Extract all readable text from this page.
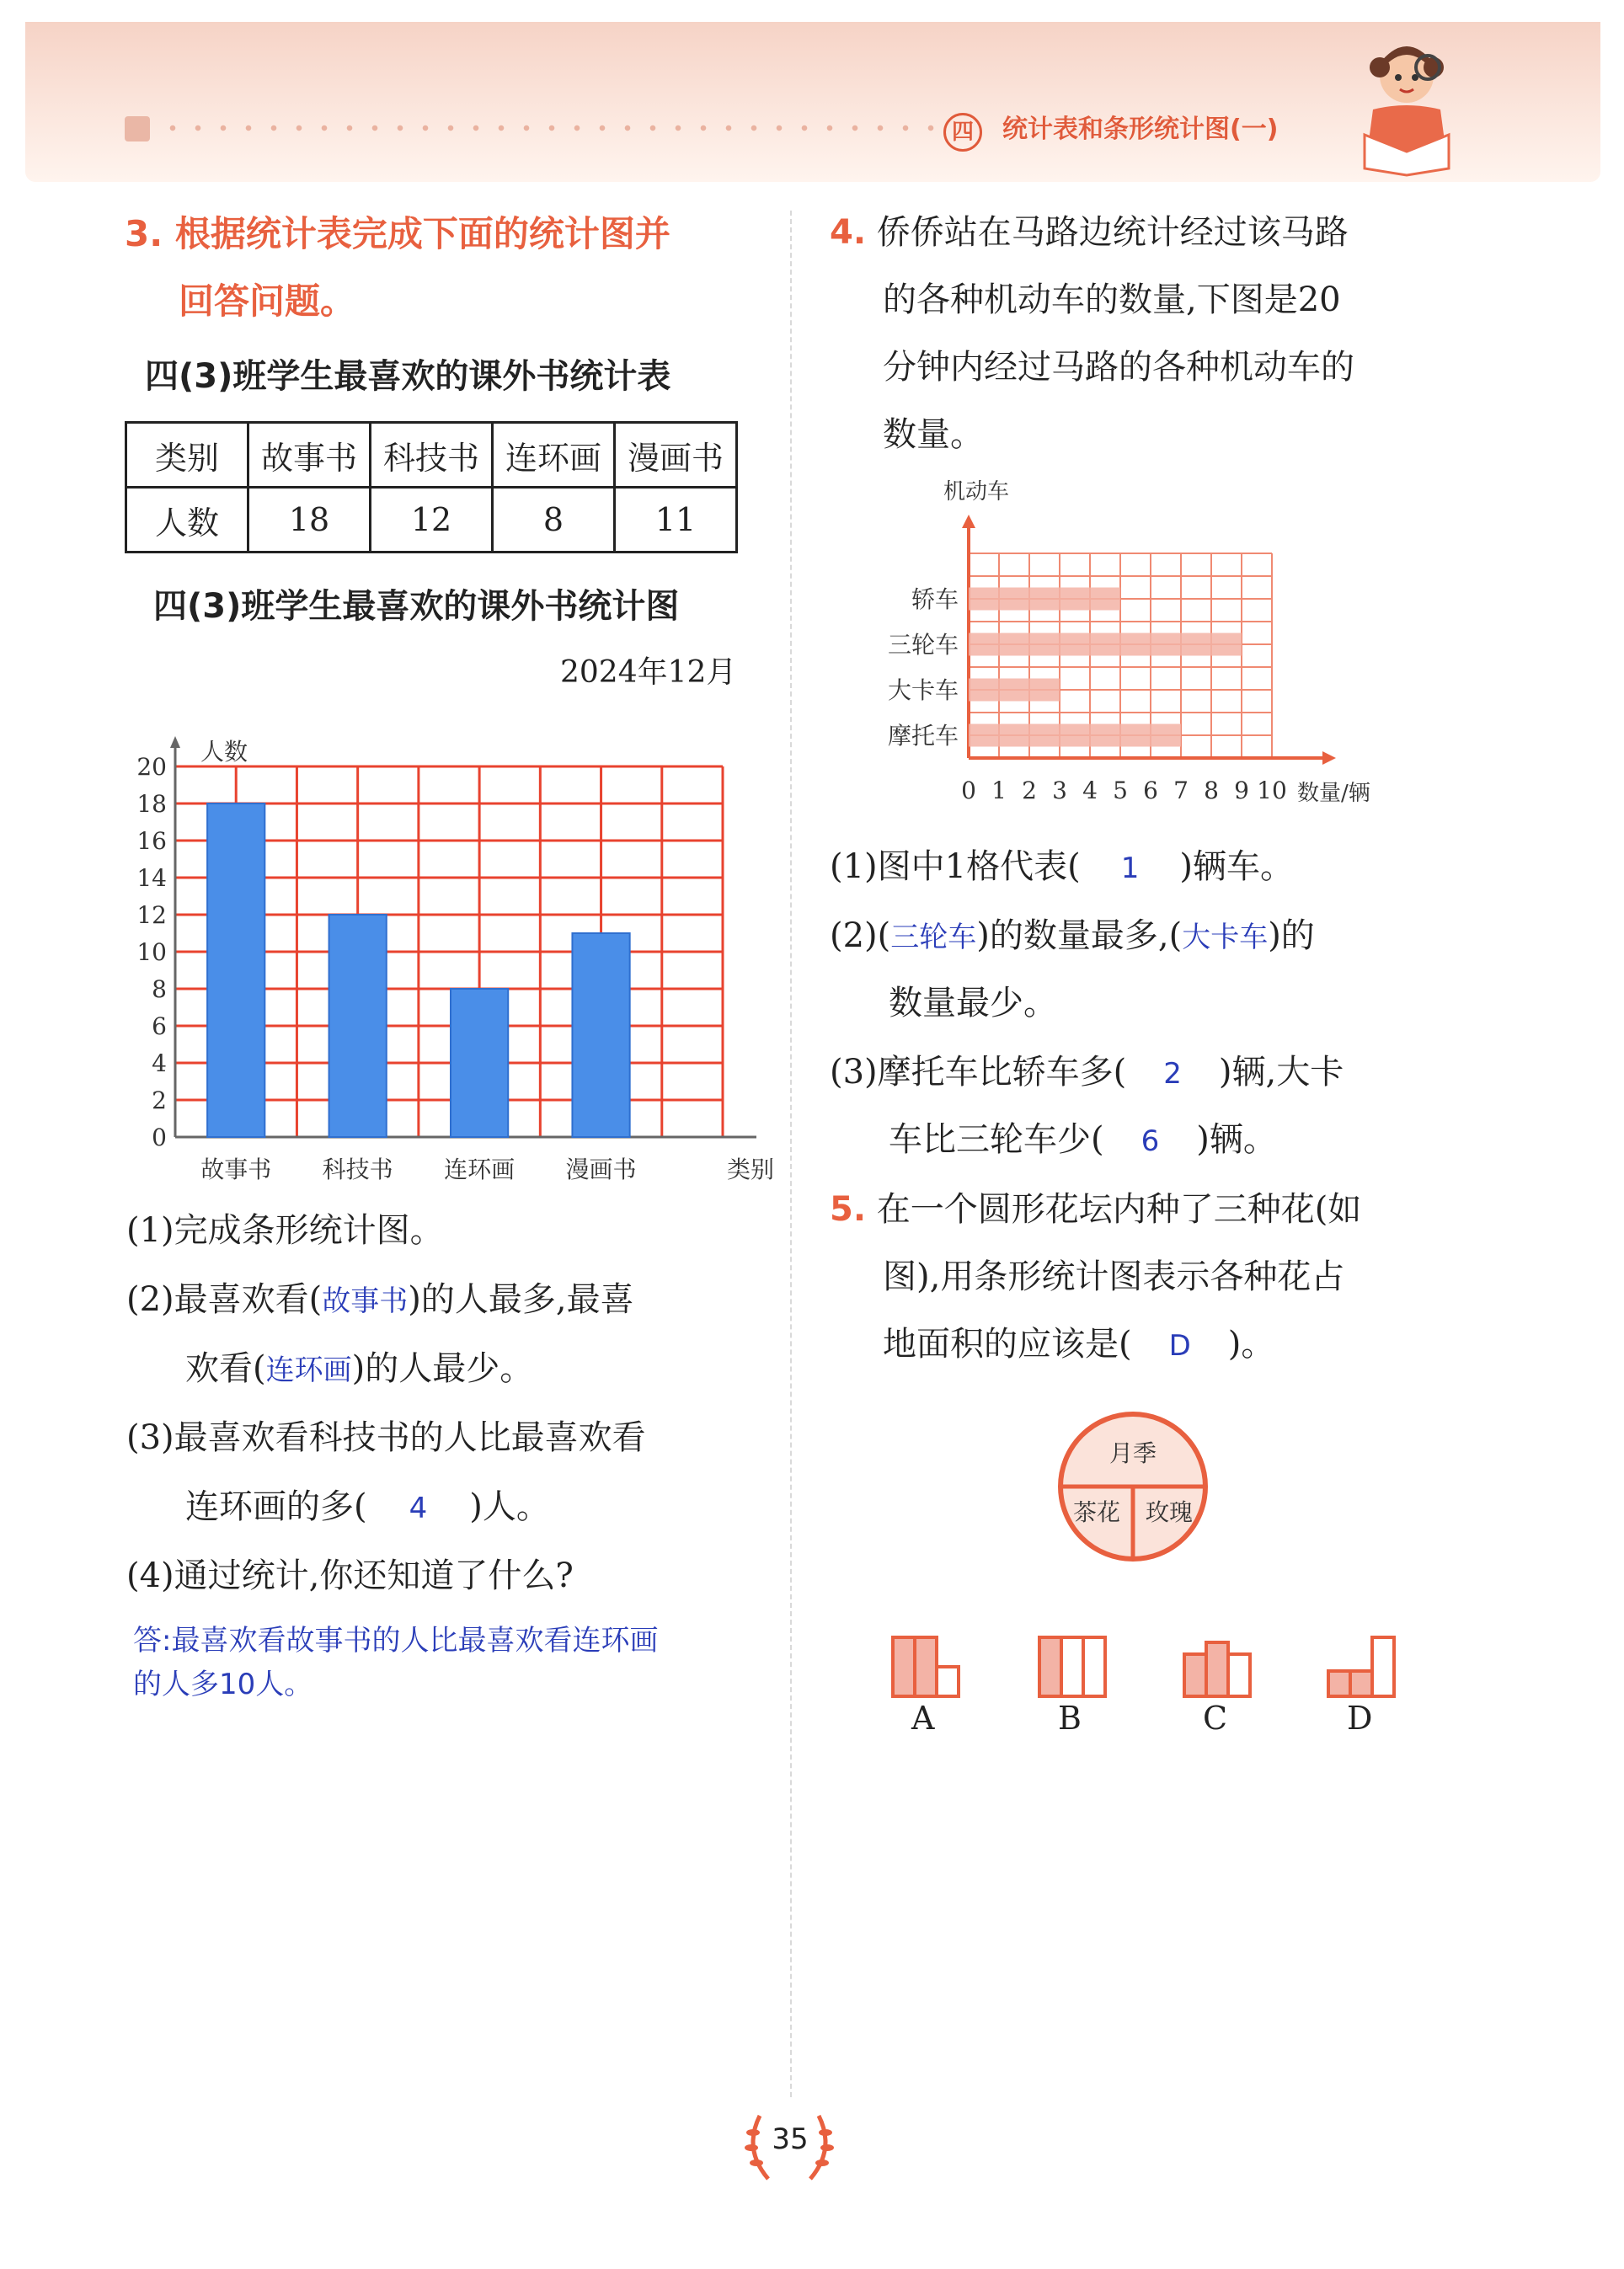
四	统计表和条形统计图(一)
3. 根据统计表完成下面的统计图并
回答问题。
四(3)班学生最喜欢的课外书统计表
类别	故事书	科技书	连环画	漫画书
人数	18	12	8	11
四(3)班学生最喜欢的课外书统计图
2024年12月
0
2
4
6
8
10
12
14
16
18
20
人数
类别
故事书 科技书 连环画 漫画书
(1)完成条形统计图。
(2)最喜欢看(故事书)的人最多,最喜
欢看(连环画)的人最少。
(3)最喜欢看科技书的人比最喜欢看
连环画的多( 4 )人。
(4)通过统计,你还知道了什么?
答:最喜欢看故事书的人比最喜欢看连环画
的人多10人。
4. 侨侨站在马路边统计经过该马路
的各种机动车的数量,下图是20
分钟内经过马路的各种机动车的
数量。
机动车
数量/辆
0 1 2 3 4 5 6 7 8 9 10
轿车
三轮车
大卡车
摩托车
(1)图中1格代表( 1 )辆车。
(2)(三轮车)的数量最多,(大卡车)的
数量最少。
(3)摩托车比轿车多( 2 )辆,大卡
车比三轮车少( 6 )辆。
5. 在一个圆形花坛内种了三种花(如
图),用条形统计图表示各种花占
地面积的应该是( D )。
月季
茶花 玫瑰
A	B	C	D
35
